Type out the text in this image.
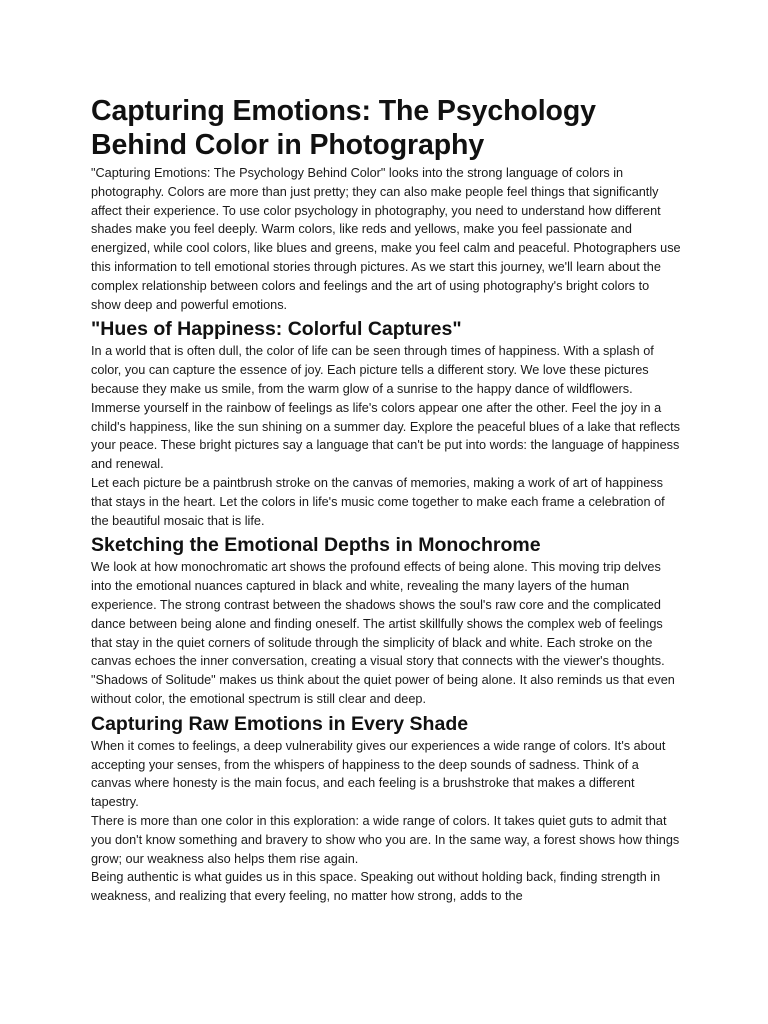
Capturing Emotions: The Psychology Behind Color in Photography

"Capturing Emotions: The Psychology Behind Color" looks into the strong language of colors in photography. Colors are more than just pretty; they can also make people feel things that significantly affect their experience. To use color psychology in photography, you need to understand how different shades make you feel deeply. Warm colors, like reds and yellows, make you feel passionate and energized, while cool colors, like blues and greens, make you feel calm and peaceful. Photographers use this information to tell emotional stories through pictures. As we start this journey, we'll learn about the complex relationship between colors and feelings and the art of using photography's bright colors to show deep and powerful emotions.

"Hues of Happiness: Colorful Captures"

In a world that is often dull, the color of life can be seen through times of happiness. With a splash of color, you can capture the essence of joy. Each picture tells a different story. We love these pictures because they make us smile, from the warm glow of a sunrise to the happy dance of wildflowers.

Immerse yourself in the rainbow of feelings as life's colors appear one after the other. Feel the joy in a child's happiness, like the sun shining on a summer day. Explore the peaceful blues of a lake that reflects your peace. These bright pictures say a language that can't be put into words: the language of happiness and renewal.

Let each picture be a paintbrush stroke on the canvas of memories, making a work of art of happiness that stays in the heart. Let the colors in life's music come together to make each frame a celebration of the beautiful mosaic that is life.

Sketching the Emotional Depths in Monochrome

We look at how monochromatic art shows the profound effects of being alone. This moving trip delves into the emotional nuances captured in black and white, revealing the many layers of the human experience. The strong contrast between the shadows shows the soul's raw core and the complicated dance between being alone and finding oneself. The artist skillfully shows the complex web of feelings that stay in the quiet corners of solitude through the simplicity of black and white. Each stroke on the canvas echoes the inner conversation, creating a visual story that connects with the viewer's thoughts. "Shadows of Solitude" makes us think about the quiet power of being alone. It also reminds us that even without color, the emotional spectrum is still clear and deep.

Capturing Raw Emotions in Every Shade

When it comes to feelings, a deep vulnerability gives our experiences a wide range of colors. It's about accepting your senses, from the whispers of happiness to the deep sounds of sadness. Think of a canvas where honesty is the main focus, and each feeling is a brushstroke that makes a different tapestry.

There is more than one color in this exploration: a wide range of colors. It takes quiet guts to admit that you don't know something and bravery to show who you are. In the same way, a forest shows how things grow; our weakness also helps them rise again.

Being authentic is what guides us in this space. Speaking out without holding back, finding strength in weakness, and realizing that every feeling, no matter how strong, adds to the
